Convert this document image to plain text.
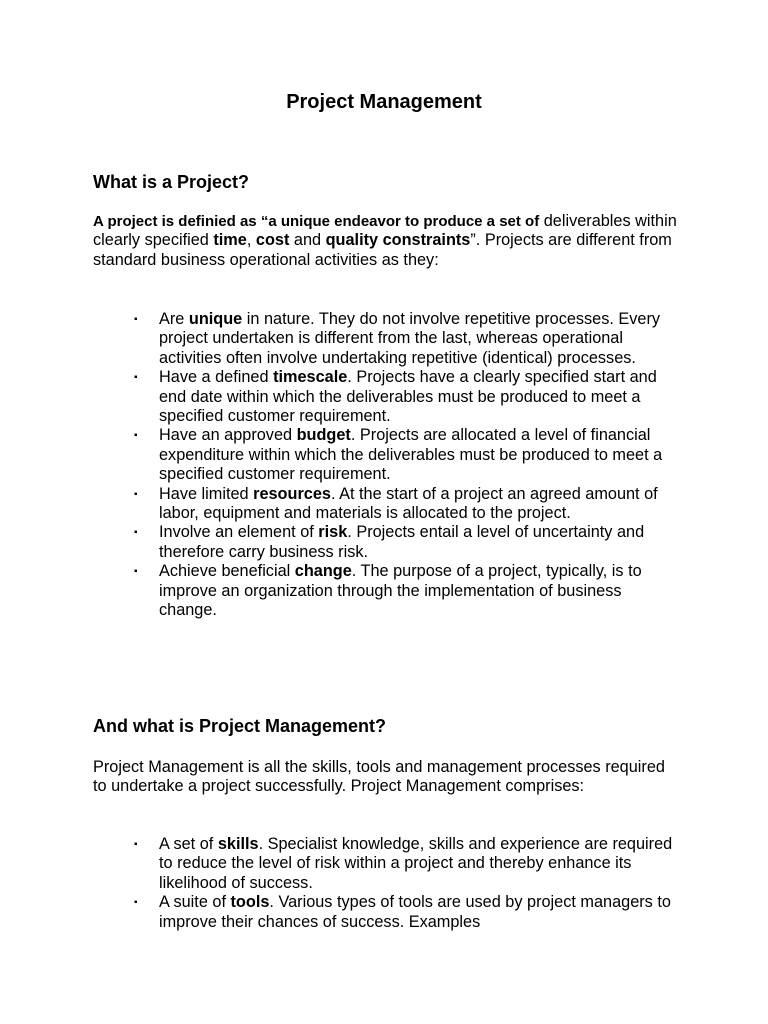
Project Management
What is a Project?
A project is definied as “a unique endeavor to produce a set of deliverables within clearly specified time, cost and quality constraints”. Projects are different from standard business operational activities as they:
▪ Are unique in nature. They do not involve repetitive processes. Every project undertaken is different from the last, whereas operational activities often involve undertaking repetitive (identical) processes.
▪ Have a defined timescale. Projects have a clearly specified start and end date within which the deliverables must be produced to meet a specified customer requirement.
▪ Have an approved budget. Projects are allocated a level of financial expenditure within which the deliverables must be produced to meet a specified customer requirement.
▪ Have limited resources. At the start of a project an agreed amount of labor, equipment and materials is allocated to the project.
▪ Involve an element of risk. Projects entail a level of uncertainty and therefore carry business risk.
▪ Achieve beneficial change. The purpose of a project, typically, is to improve an organization through the implementation of business change.
And what is Project Management?
Project Management is all the skills, tools and management processes required to undertake a project successfully. Project Management comprises:
▪ A set of skills. Specialist knowledge, skills and experience are required to reduce the level of risk within a project and thereby enhance its likelihood of success.
▪ A suite of tools. Various types of tools are used by project managers to improve their chances of success. Examples
